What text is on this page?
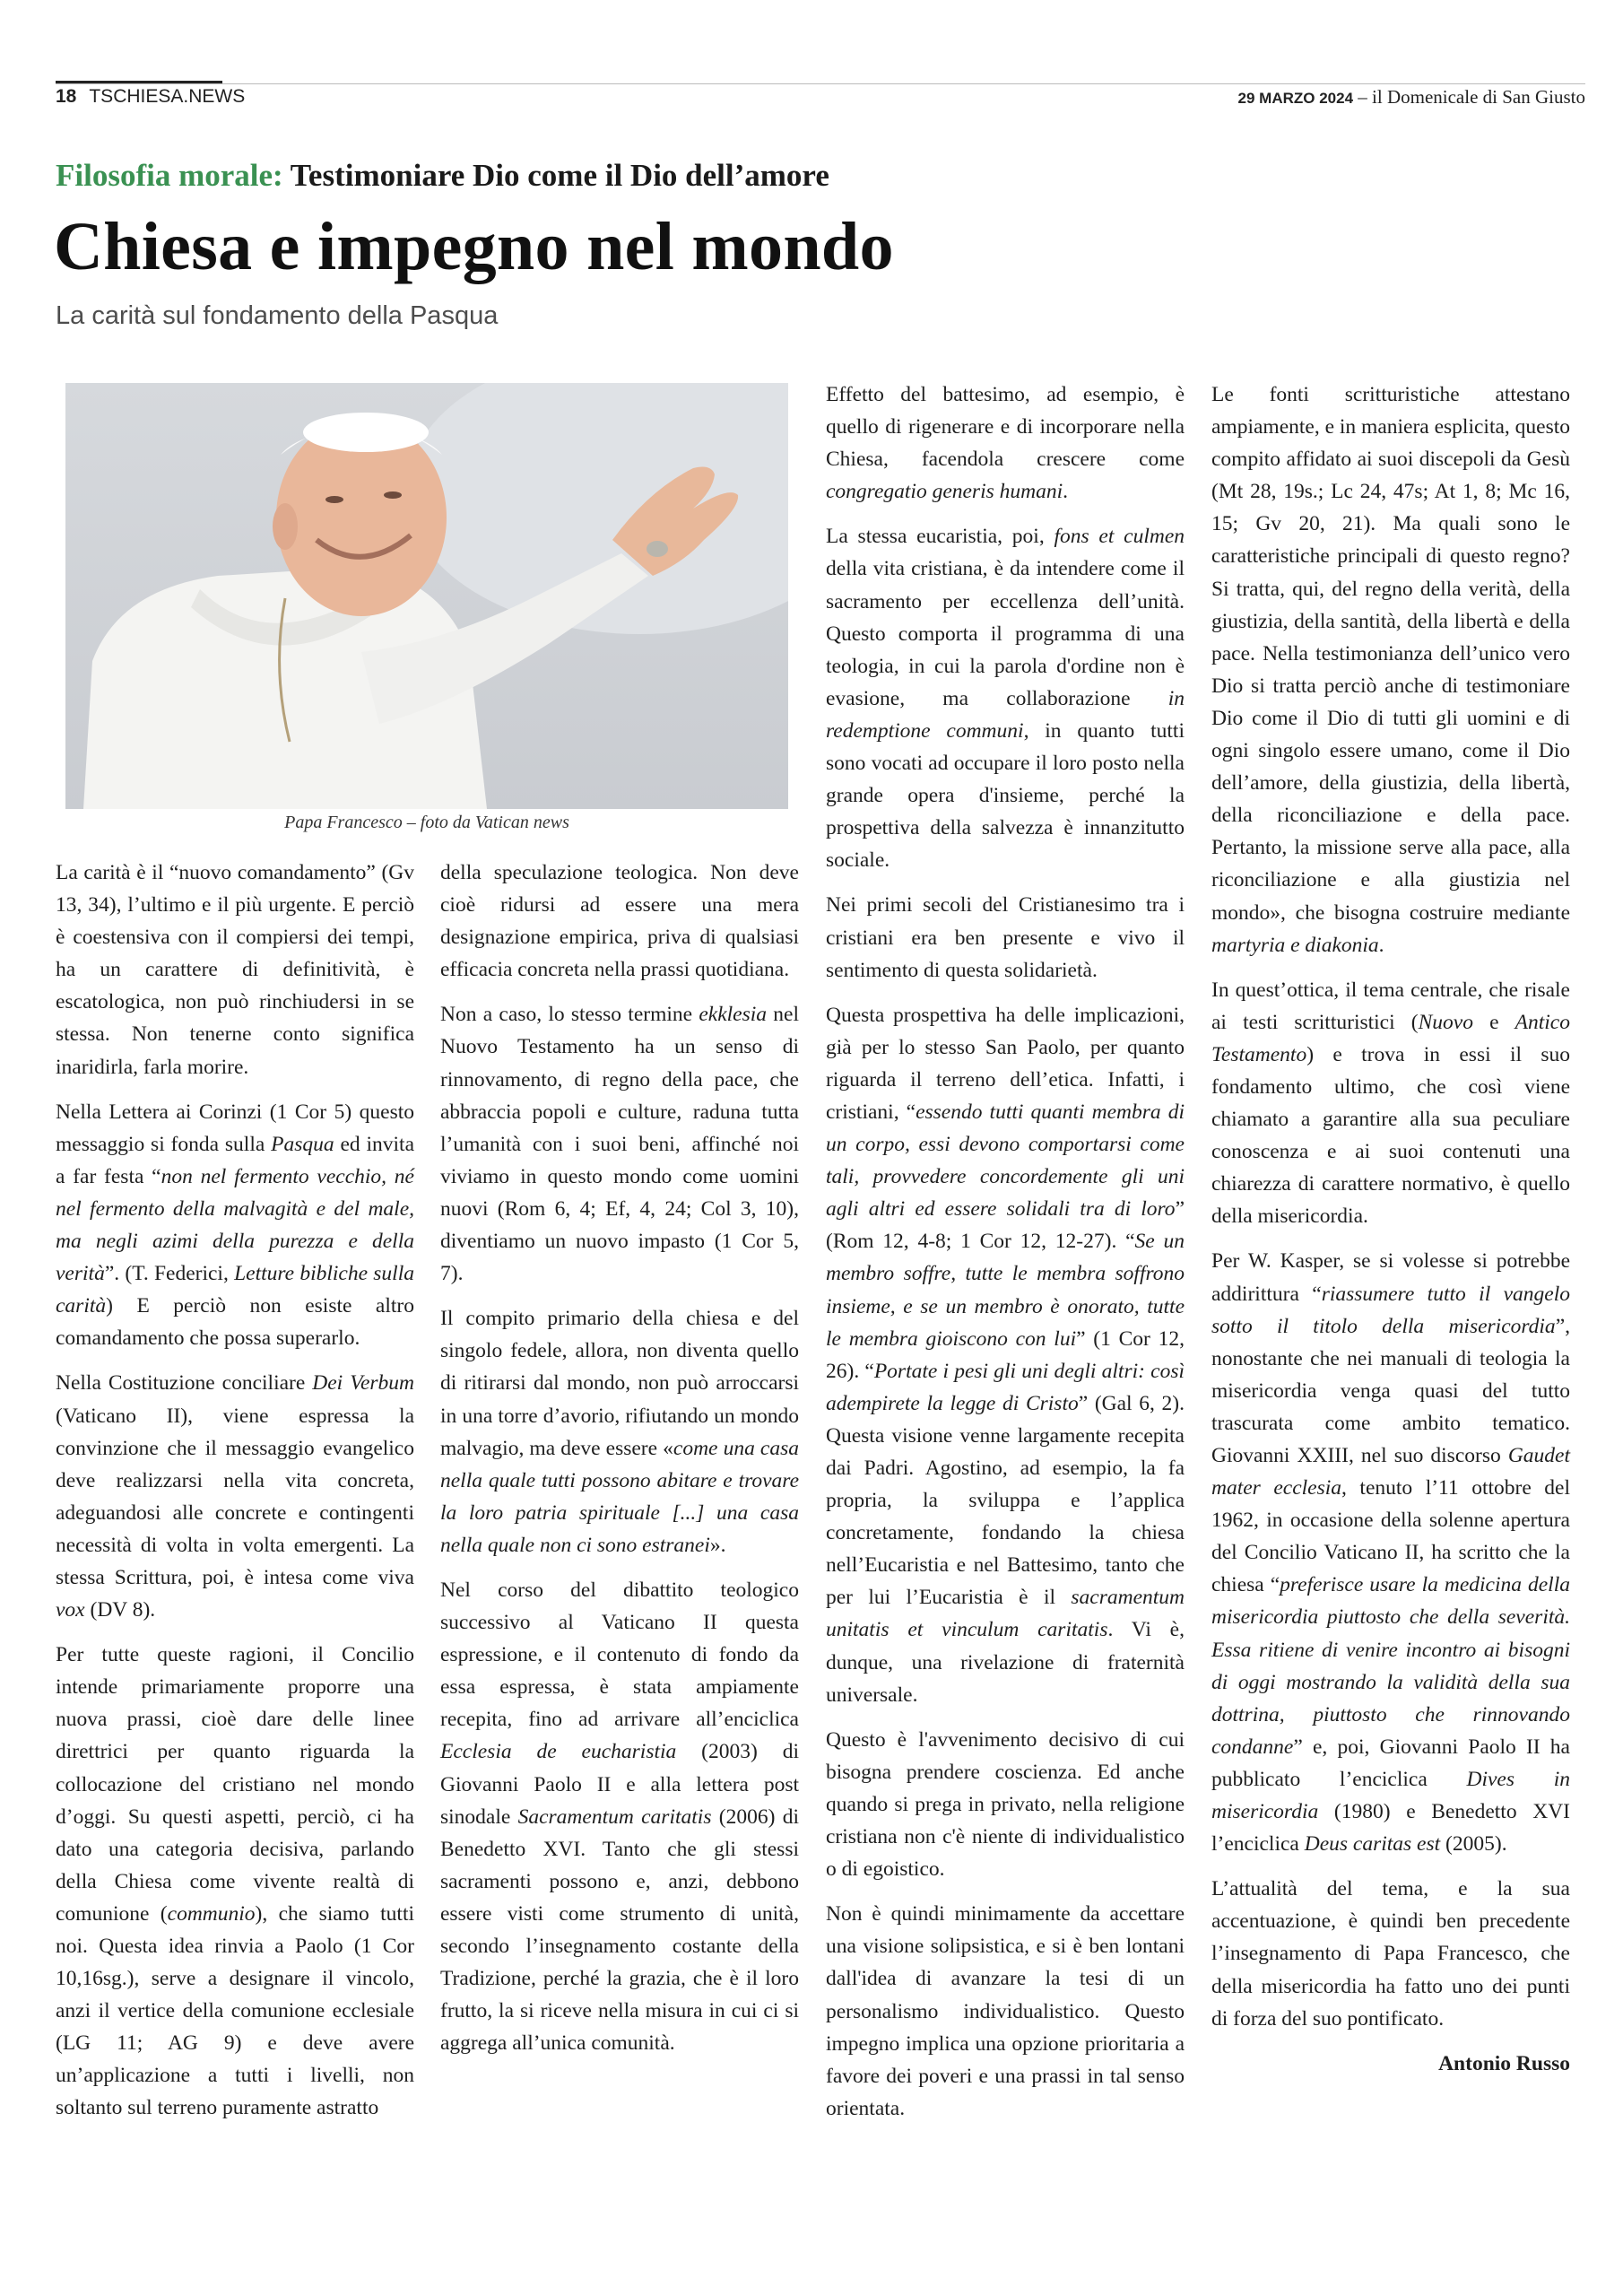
18 TSCHIESA.NEWS	29 MARZO 2024 – il Domenicale di San Giusto
Filosofia morale: Testimoniare Dio come il Dio dell’amore
Chiesa e impegno nel mondo
La carità sul fondamento della Pasqua
Papa Francesco – foto da Vatican news

La carità è il “nuovo comandamento” (Gv 13, 34), l’ultimo e il più urgente. E perciò è coestensiva con il compiersi dei tempi, ha un carattere di definitività, è escatologica, non può rinchiudersi in se stessa. Non tenerne conto significa inaridirla, farla morire.

Nella Lettera ai Corinzi (1 Cor 5) questo messaggio si fonda sulla Pasqua ed invita a far festa “non nel fermento vecchio, né nel fermento della malvagità e del male, ma negli azimi della purezza e della verità”. (T. Federici, Letture bibliche sulla carità) E perciò non esiste altro comandamento che possa superarlo.

Nella Costituzione conciliare Dei Verbum (Vaticano II), viene espressa la convinzione che il messaggio evangelico deve realizzarsi nella vita concreta, adeguandosi alle concrete e contingenti necessità di volta in volta emergenti. La stessa Scrittura, poi, è intesa come viva vox (DV 8).

Per tutte queste ragioni, il Concilio intende primariamente proporre una nuova prassi, cioè dare delle linee direttrici per quanto riguarda la collocazione del cristiano nel mondo d’oggi. Su questi aspetti, perciò, ci ha dato una categoria decisiva, parlando della Chiesa come vivente realtà di comunione (communio), che siamo tutti noi. Questa idea rinvia a Paolo (1 Cor 10,16sg.), serve a designare il vincolo, anzi il vertice della comunione ecclesiale (LG 11; AG 9) e deve avere un’applicazione a tutti i livelli, non soltanto sul terreno puramente astratto

della speculazione teologica. Non deve cioè ridursi ad essere una mera designazione empirica, priva di qualsiasi efficacia concreta nella prassi quotidiana.

Non a caso, lo stesso termine ekklesia nel Nuovo Testamento ha un senso di rinnovamento, di regno della pace, che abbraccia popoli e culture, raduna tutta l’umanità con i suoi beni, affinché noi viviamo in questo mondo come uomini nuovi (Rom 6, 4; Ef, 4, 24; Col 3, 10), diventiamo un nuovo impasto (1 Cor 5, 7).

Il compito primario della chiesa e del singolo fedele, allora, non diventa quello di ritirarsi dal mondo, non può arroccarsi in una torre d’avorio, rifiutando un mondo malvagio, ma deve essere «come una casa nella quale tutti possono abitare e trovare la loro patria spirituale [...] una casa nella quale non ci sono estranei».

Nel corso del dibattito teologico successivo al Vaticano II questa espressione, e il contenuto di fondo da essa espressa, è stata ampiamente recepita, fino ad arrivare all’enciclica Ecclesia de eucharistia (2003) di Giovanni Paolo II e alla lettera post sinodale Sacramentum caritatis (2006) di Benedetto XVI. Tanto che gli stessi sacramenti possono e, anzi, debbono essere visti come strumento di unità, secondo l’insegnamento costante della Tradizione, perché la grazia, che è il loro frutto, la si riceve nella misura in cui ci si aggrega all’unica comunità.

Effetto del battesimo, ad esempio, è quello di rigenerare e di incorporare nella Chiesa, facendola crescere come congregatio generis humani.

La stessa eucaristia, poi, fons et culmen della vita cristiana, è da intendere come il sacramento per eccellenza dell’unità. Questo comporta il programma di una teologia, in cui la parola d'ordine non è evasione, ma collaborazione in redemptione communi, in quanto tutti sono vocati ad occupare il loro posto nella grande opera d'insieme, perché la prospettiva della salvezza è innanzitutto sociale.

Nei primi secoli del Cristianesimo tra i cristiani era ben presente e vivo il sentimento di questa solidarietà.

Questa prospettiva ha delle implicazioni, già per lo stesso San Paolo, per quanto riguarda il terreno dell’etica. Infatti, i cristiani, “essendo tutti quanti membra di un corpo, essi devono comportarsi come tali, provvedere concordemente gli uni agli altri ed essere solidali tra di loro” (Rom 12, 4-8; 1 Cor 12, 12-27). “Se un membro soffre, tutte le membra soffrono insieme, e se un membro è onorato, tutte le membra gioiscono con lui” (1 Cor 12, 26). “Portate i pesi gli uni degli altri: così adempirete la legge di Cristo” (Gal 6, 2). Questa visione venne largamente recepita dai Padri. Agostino, ad esempio, la fa propria, la sviluppa e l’applica concretamente, fondando la chiesa nell’Eucaristia e nel Battesimo, tanto che per lui l’Eucaristia è il sacramentum unitatis et vinculum caritatis. Vi è, dunque, una rivelazione di fraternità universale.

Questo è l'avvenimento decisivo di cui bisogna prendere coscienza. Ed anche quando si prega in privato, nella religione cristiana non c'è niente di individualistico o di egoistico.

Non è quindi minimamente da accettare una visione solipsistica, e si è ben lontani dall'idea di avanzare la tesi di un personalismo individualistico. Questo impegno implica una opzione prioritaria a favore dei poveri e una prassi in tal senso orientata.

Le fonti scritturistiche attestano ampiamente, e in maniera esplicita, questo compito affidato ai suoi discepoli da Gesù (Mt 28, 19s.; Lc 24, 47s; At 1, 8; Mc 16, 15; Gv 20, 21). Ma quali sono le caratteristiche principali di questo regno? Si tratta, qui, del regno della verità, della giustizia, della santità, della libertà e della pace. Nella testimonianza dell’unico vero Dio si tratta perciò anche di testimoniare Dio come il Dio di tutti gli uomini e di ogni singolo essere umano, come il Dio dell’amore, della giustizia, della libertà, della riconciliazione e della pace. Pertanto, la missione serve alla pace, alla riconciliazione e alla giustizia nel mondo», che bisogna costruire mediante martyria e diakonia.

In quest’ottica, il tema centrale, che risale ai testi scritturistici (Nuovo e Antico Testamento) e trova in essi il suo fondamento ultimo, che così viene chiamato a garantire alla sua peculiare conoscenza e ai suoi contenuti una chiarezza di carattere normativo, è quello della misericordia.

Per W. Kasper, se si volesse si potrebbe addirittura “riassumere tutto il vangelo sotto il titolo della misericordia”, nonostante che nei manuali di teologia la misericordia venga quasi del tutto trascurata come ambito tematico. Giovanni XXIII, nel suo discorso Gaudet mater ecclesia, tenuto l’11 ottobre del 1962, in occasione della solenne apertura del Concilio Vaticano II, ha scritto che la chiesa “preferisce usare la medicina della misericordia piuttosto che della severità. Essa ritiene di venire incontro ai bisogni di oggi mostrando la validità della sua dottrina, piuttosto che rinnovando condanne” e, poi, Giovanni Paolo II ha pubblicato l’enciclica Dives in misericordia (1980) e Benedetto XVI l’enciclica Deus caritas est (2005).

L’attualità del tema, e la sua accentuazione, è quindi ben precedente l’insegnamento di Papa Francesco, che della misericordia ha fatto uno dei punti di forza del suo pontificato.

Antonio Russo
